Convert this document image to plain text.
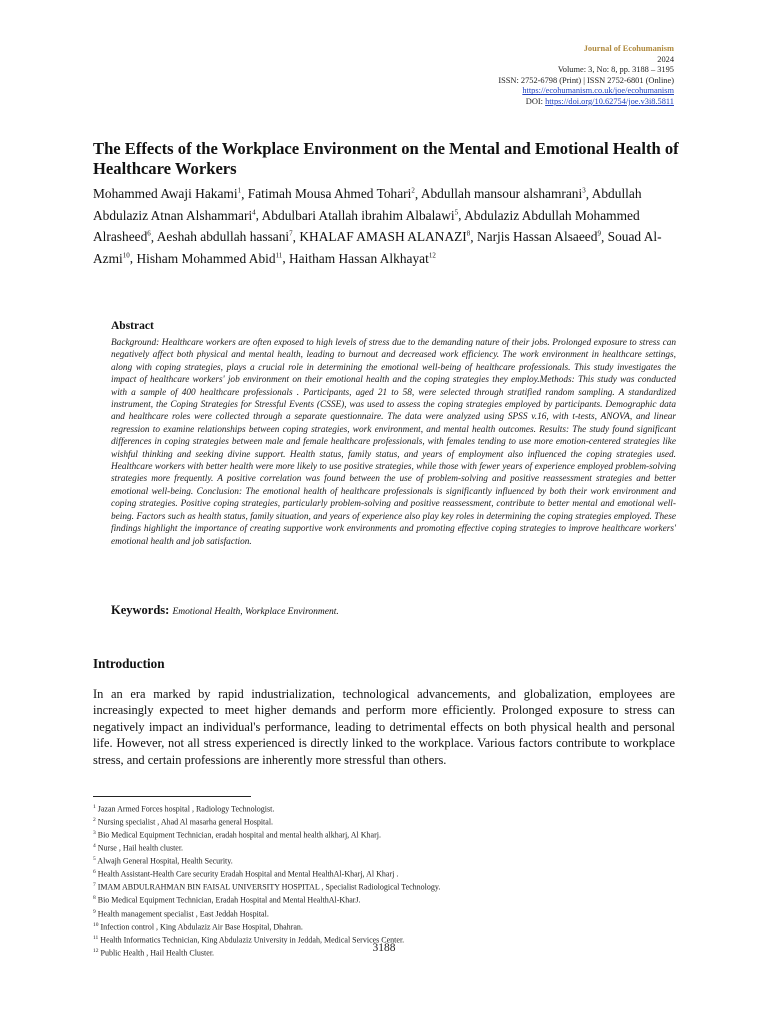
Journal of Ecohumanism
2024
Volume: 3, No: 8, pp. 3188 – 3195
ISSN: 2752-6798 (Print) | ISSN 2752-6801 (Online)
https://ecohumanism.co.uk/joe/ecohumanism
DOI: https://doi.org/10.62754/joe.v3i8.5811
The Effects of the Workplace Environment on the Mental and Emotional Health of Healthcare Workers
Mohammed Awaji Hakami$^1$, Fatimah Mousa Ahmed Tohari$^2$, Abdullah mansour alshamrani$^3$, Abdullah Abdulaziz Atnan Alshammari$^4$, Abdulbari Atallah ibrahim Albalawi$^5$, Abdulaziz Abdullah Mohammed Alrasheed$^6$, Aeshah abdullah hassani$^7$, KHALAF AMASH ALANAZI$^8$, Narjis Hassan Alsaeed$^9$, Souad Al-Azmi$^{10}$, Hisham Mohammed Abid$^{11}$, Haitham Hassan Alkhayat$^{12}$
Abstract

Background: Healthcare workers are often exposed to high levels of stress due to the demanding nature of their jobs. Prolonged exposure to stress can negatively affect both physical and mental health, leading to burnout and decreased work efficiency. The work environment in healthcare settings, along with coping strategies, plays a crucial role in determining the emotional well-being of healthcare professionals. This study investigates the impact of healthcare workers' job environment on their emotional health and the coping strategies they employ.Methods: This study was conducted with a sample of 400 healthcare professionals . Participants, aged 21 to 58, were selected through stratified random sampling. A standardized instrument, the Coping Strategies for Stressful Events (CSSE), was used to assess the coping strategies employed by participants. Demographic data and healthcare roles were collected through a separate questionnaire. The data were analyzed using SPSS v.16, with t-tests, ANOVA, and linear regression to examine relationships between coping strategies, work environment, and mental health outcomes. Results: The study found significant differences in coping strategies between male and female healthcare professionals, with females tending to use more emotion-centered strategies like wishful thinking and seeking divine support. Health status, family status, and years of employment also influenced the coping strategies used. Healthcare workers with better health were more likely to use positive strategies, while those with fewer years of experience employed problem-solving strategies more frequently. A positive correlation was found between the use of problem-solving and positive reassessment strategies and better emotional well-being. Conclusion: The emotional health of healthcare professionals is significantly influenced by both their work environment and coping strategies. Positive coping strategies, particularly problem-solving and positive reassessment, contribute to better mental and emotional well-being. Factors such as health status, family situation, and years of experience also play key roles in determining the coping strategies employed. These findings highlight the importance of creating supportive work environments and promoting effective coping strategies to improve healthcare workers' emotional health and job satisfaction.

Keywords: Emotional Health, Workplace Environment.
Introduction

In an era marked by rapid industrialization, technological advancements, and globalization, employees are increasingly expected to meet higher demands and perform more efficiently. Prolonged exposure to stress can negatively impact an individual's performance, leading to detrimental effects on both physical health and personal life. However, not all stress experienced is directly linked to the workplace. Various factors contribute to workplace stress, and certain professions are inherently more stressful than others.

$^1$ Jazan Armed Forces hospital , Radiology Technologist.
$^2$ Nursing specialist , Ahad Al masarha general Hospital.
$^3$ Bio Medical Equipment Technician, eradah hospital and mental health alkharj, Al Kharj.
$^4$ Nurse , Hail health cluster.
$^5$ Alwajh General Hospital, Health Security.
$^6$ Health Assistant-Health Care security Eradah Hospital and Mental HealthAl-Kharj, Al Kharj .
$^7$ IMAM ABDULRAHMAN BIN FAISAL UNIVERSITY HOSPITAL , Specialist Radiological Technology.
$^8$ Bio Medical Equipment Technician, Eradah Hospital and Mental HealthAl-KharJ.
$^9$ Health management specialist , East Jeddah Hospital.
$^{10}$ Infection control , King Abdulaziz Air Base Hospital, Dhahran.
$^{11}$ Health Informatics Technician, King Abdulaziz University in Jeddah, Medical Services Center.
$^{12}$ Public Health , Hail Health Cluster.	3188
